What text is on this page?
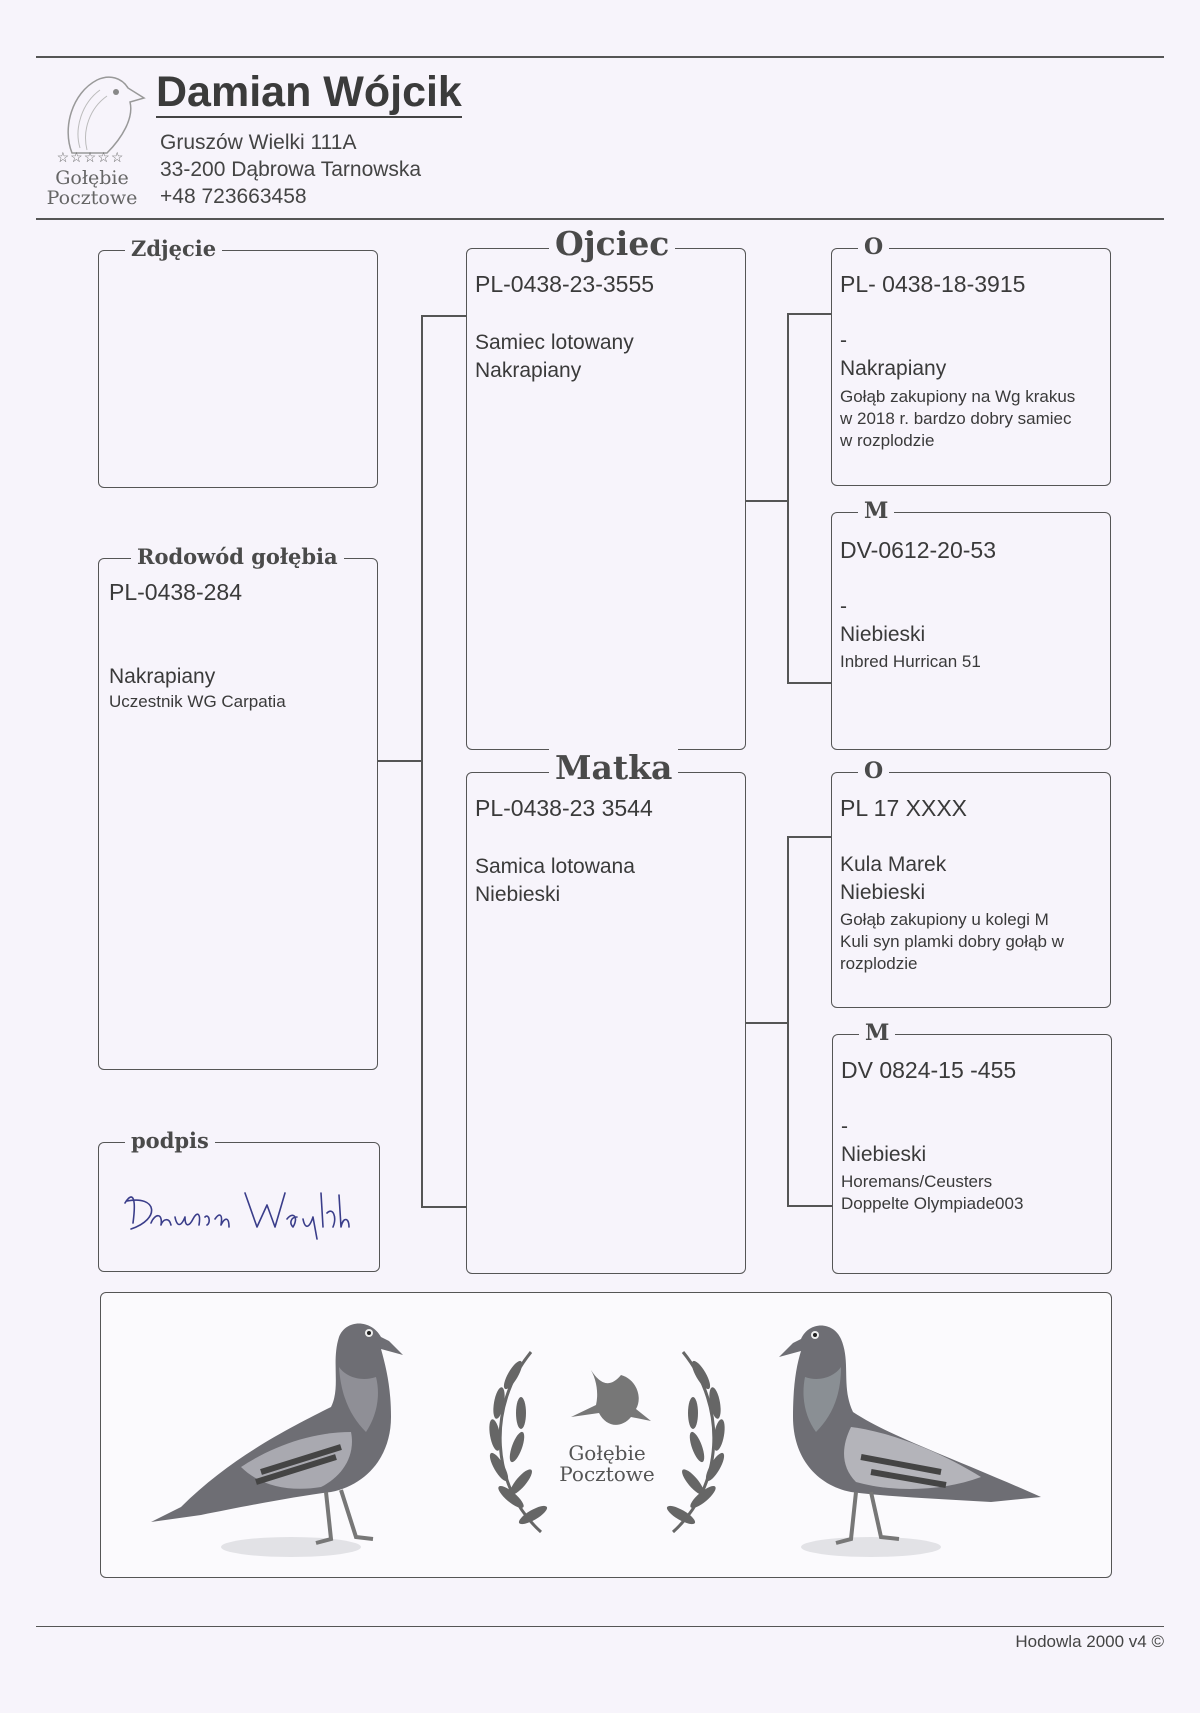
☆☆☆☆☆
Gołębie
Pocztowe
Damian Wójcik
Gruszów Wielki 111A
33-200 Dąbrowa Tarnowska
+48 723663458
Zdjęcie
Rodowód gołębia
PL-0438-284
Nakrapiany
Uczestnik WG Carpatia
podpis
Ojciec
PL-0438-23-3555
Samiec lotowany
Nakrapiany
Matka
PL-0438-23 3544
Samica lotowana
Niebieski
O
PL- 0438-18-3915
-
Nakrapiany
Gołąb zakupiony na Wg krakus
w 2018 r. bardzo dobry samiec
w rozplodzie
M
DV-0612-20-53
-
Niebieski
Inbred Hurrican 51
O
PL 17 XXXX
Kula Marek
Niebieski
Gołąb zakupiony u kolegi M
Kuli syn plamki dobry gołąb w
rozplodzie
M
DV 0824-15 -455
-
Niebieski
Horemans/Ceusters
Doppelte Olympiade003
Gołębie
Pocztowe
Hodowla 2000 v4 ©
